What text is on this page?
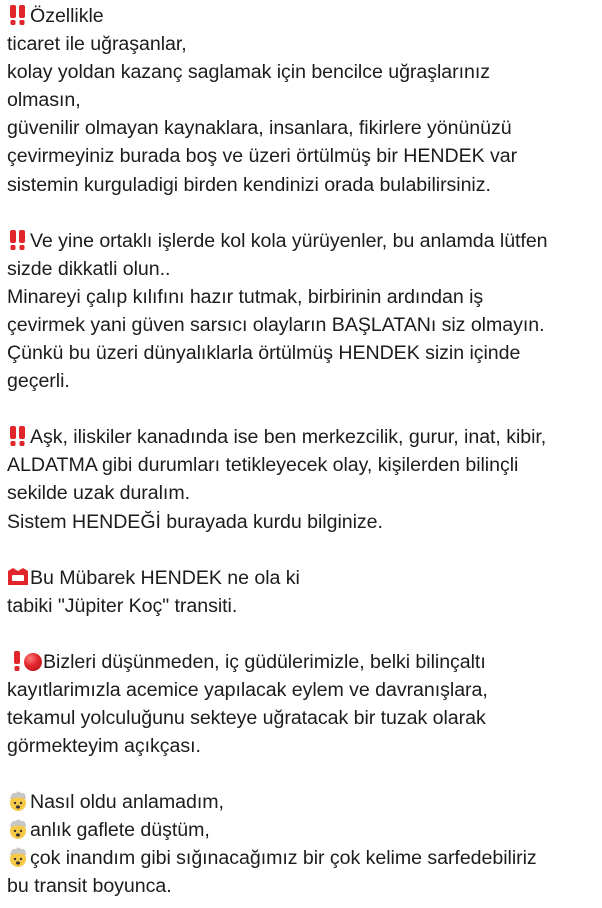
Özellikle
ticaret ile uğraşanlar,
kolay yoldan kazanç saglamak için bencilce uğraşlarınız
olmasın,
güvenilir olmayan kaynaklara, insanlara, fikirlere yönünüzü
çevirmeyiniz burada boş ve üzeri örtülmüş bir HENDEK var
sistemin kurguladigi birden kendinizi orada bulabilirsiniz.
Ve yine ortaklı işlerde kol kola yürüyenler, bu anlamda lütfen
sizde dikkatli olun..
Minareyi çalıp kılıfını hazır tutmak, birbirinin ardından iş
çevirmek yani güven sarsıcı olayların BAŞLATANı siz olmayın.
Çünkü bu üzeri dünyalıklarla örtülmüş HENDEK sizin içinde
geçerli.
Aşk, iliskiler kanadında ise ben merkezcilik, gurur, inat, kibir,
ALDATMA gibi durumları tetikleyecek olay, kişilerden bilinçli
sekilde uzak duralım.
Sistem HENDEĞİ burayada kurdu bilginize.
Bu Mübarek HENDEK ne ola ki
tabiki "Jüpiter Koç" transiti.
Bizleri düşünmeden, iç güdülerimizle, belki bilinçaltı
kayıtlarimızla acemice yapılacak eylem ve davranışlara,
tekamul yolculuğunu sekteye uğratacak bir tuzak olarak
görmekteyim açıkçası.
Nasıl oldu anlamadım,
anlık gaflete düştüm,
çok inandım gibi sığınacağımız bir çok kelime sarfedebiliriz
bu transit boyunca.
